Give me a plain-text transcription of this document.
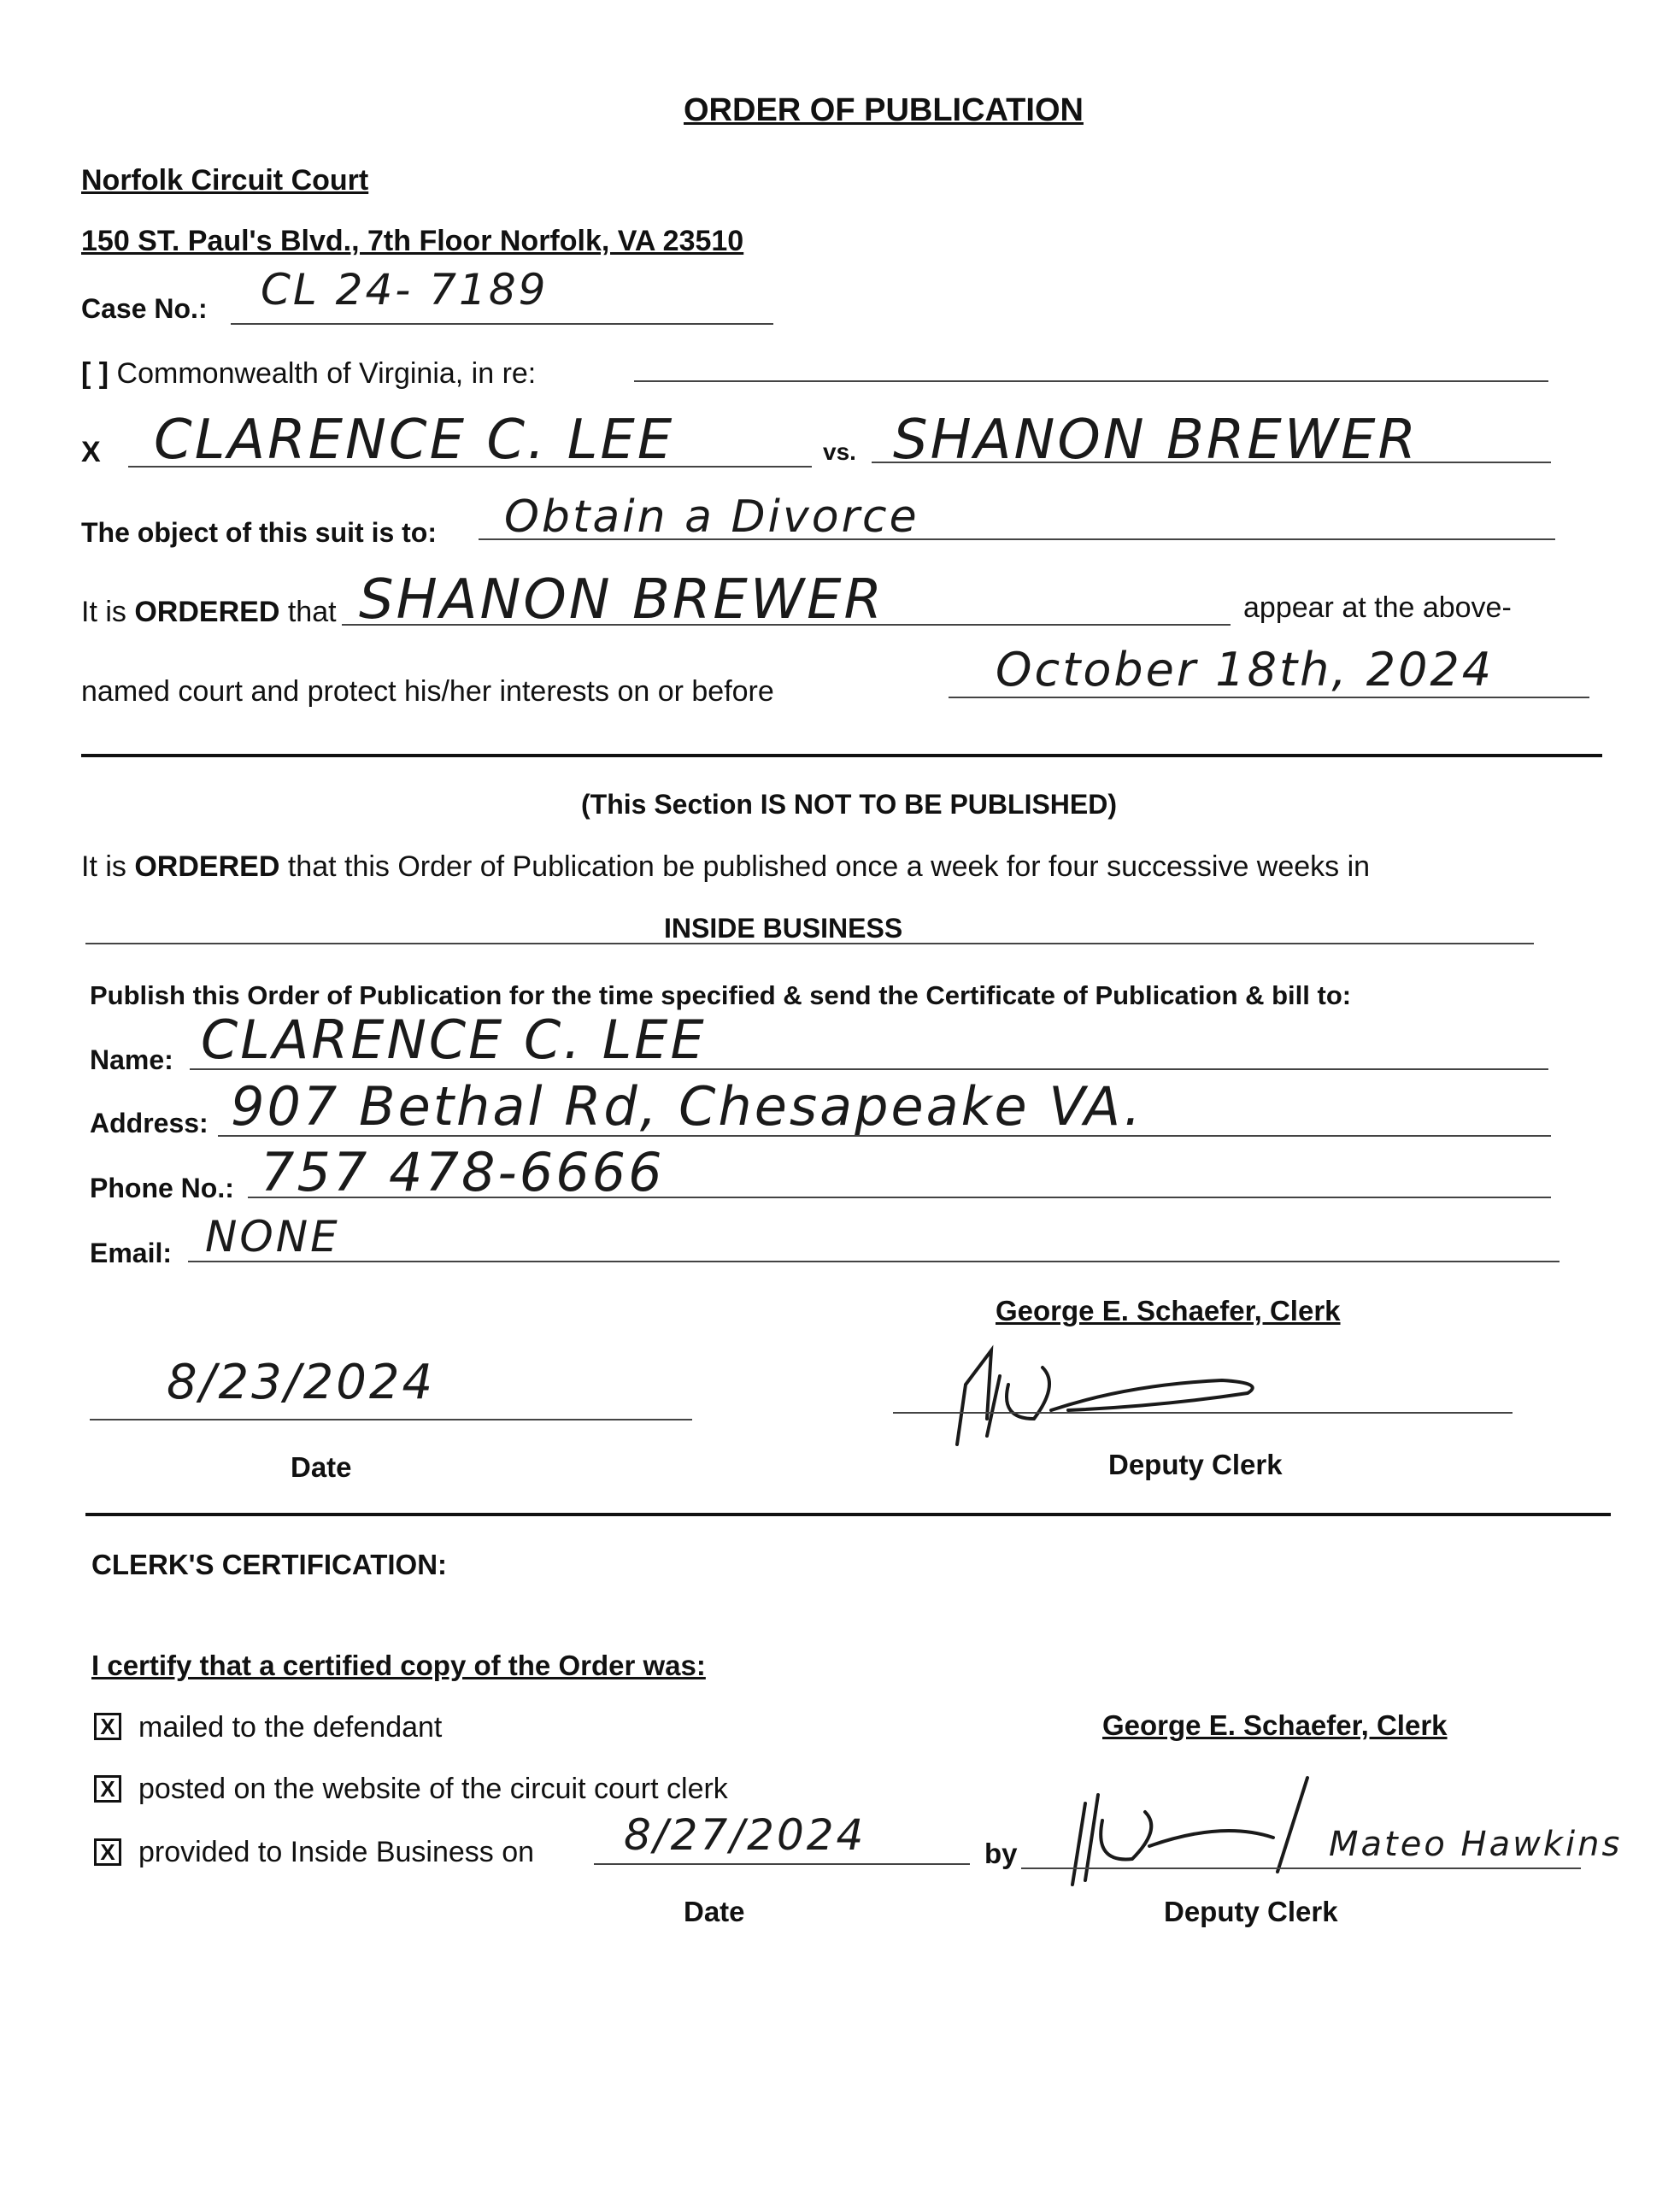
ORDER OF PUBLICATION
Norfolk Circuit Court
150 ST. Paul's Blvd., 7th Floor Norfolk, VA 23510
Case No.: CL 24- 7189
[ ] Commonwealth of Virginia, in re:
X CLARENCE C. LEE	vs. SHANON BREWER
The object of this suit is to: Obtain a Divorce
It is ORDERED that SHANON BREWER	appear at the above-
named court and protect his/her interests on or before	October 18th, 2024
(This Section IS NOT TO BE PUBLISHED)
It is ORDERED that this Order of Publication be published once a week for four successive weeks in
INSIDE BUSINESS
Publish this Order of Publication for the time specified & send the Certificate of Publication & bill to:
Name: CLARENCE C. LEE
Address: 907 Bethal Rd, Chesapeake VA.
Phone No.: 757 478-6666
Email: NONE
George E. Schaefer, Clerk
8/23/2024
Date	Deputy Clerk
CLERK'S CERTIFICATION:
I certify that a certified copy of the Order was:
X mailed to the defendant
X posted on the website of the circuit court clerk
X provided to Inside Business on 8/27/2024
George E. Schaefer, Clerk
by	Mateo Hawkins
Date	Deputy Clerk
